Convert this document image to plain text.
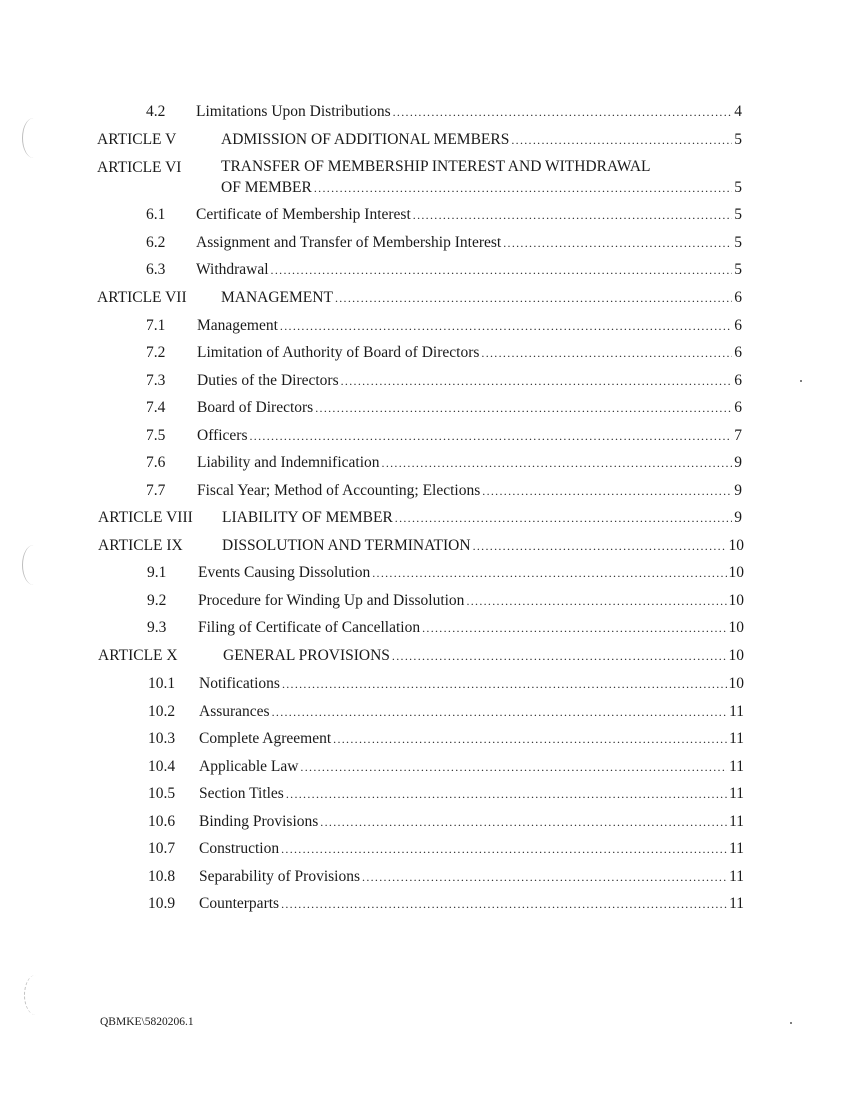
4.2 Limitations Upon Distributions .....	4
ARTICLE V	ADMISSION OF ADDITIONAL MEMBERS .....	5
ARTICLE VI	TRANSFER OF MEMBERSHIP INTEREST AND WITHDRAWAL
OF MEMBER .....	5
6.1 Certificate of Membership Interest .....	5
6.2 Assignment and Transfer of Membership Interest .....	5
6.3 Withdrawal .....	5
ARTICLE VII MANAGEMENT .....	6
7.1 Management .....	6
7.2 Limitation of Authority of Board of Directors .....	6
7.3 Duties of the Directors .....	6
7.4 Board of Directors .....	6
7.5 Officers .....	7
7.6 Liability and Indemnification .....	9
7.7 Fiscal Year; Method of Accounting; Elections .....	9
ARTICLE VIII LIABILITY OF MEMBER .....	9
ARTICLE IX	DISSOLUTION AND TERMINATION .....	10
9.1 Events Causing Dissolution .....	10
9.2 Procedure for Winding Up and Dissolution .....	10
9.3 Filing of Certificate of Cancellation .....	10
ARTICLE X	GENERAL PROVISIONS .....	10
10.1 Notifications .....	10
10.2 Assurances .....	11
10.3 Complete Agreement .....	11
10.4 Applicable Law .....	11
10.5 Section Titles .....	11
10.6 Binding Provisions .....	11
10.7 Construction .....	11
10.8 Separability of Provisions .....	11
10.9 Counterparts .....	11
QBMKE\5820206.1
